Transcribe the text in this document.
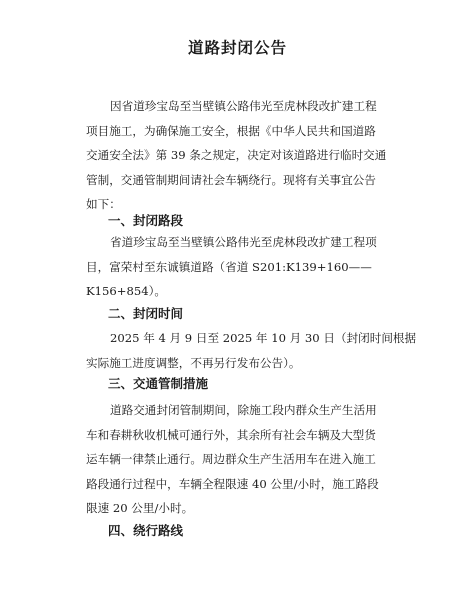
道路封闭公告
因省道珍宝岛至当壁镇公路伟光至虎林段改扩建工程
项目施工，为确保施工安全，根据《中华人民共和国道路
交通安全法》第 39 条之规定，决定对该道路进行临时交通
管制，交通管制期间请社会车辆绕行。现将有关事宜公告
如下：
一、封闭路段
省道珍宝岛至当壁镇公路伟光至虎林段改扩建工程项
目，富荣村至东诚镇道路（省道 S201:K139+160——
K156+854）。
二、封闭时间
2025 年 4 月 9 日至 2025 年 10 月 30 日（封闭时间根据
实际施工进度调整，不再另行发布公告）。
三、交通管制措施
道路交通封闭管制期间，除施工段内群众生产生活用
车和春耕秋收机械可通行外，其余所有社会车辆及大型货
运车辆一律禁止通行。周边群众生产生活用车在进入施工
路段通行过程中，车辆全程限速 40 公里/小时，施工路段
限速 20 公里/小时。
四、绕行路线
